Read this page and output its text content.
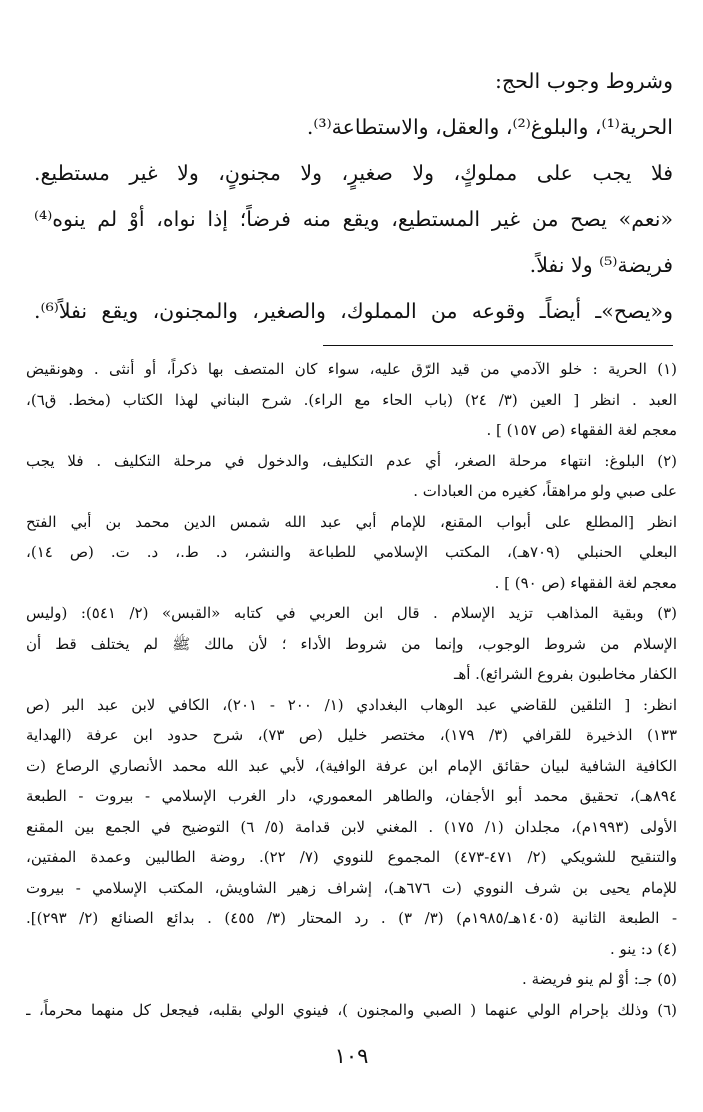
وشروط وجوب الحج:
الحرية⁽¹⁾، والبلوغ⁽²⁾، والعقل، والاستطاعة⁽³⁾.
فلا يجب على مملوكٍ، ولا صغيرٍ، ولا مجنونٍ، ولا غير مستطيع.
«نعم» يصح من غير المستطيع، ويقع منه فرضاً؛ إذا نواه، أوْ لم ينوه⁽⁴⁾
فريضة⁽⁵⁾ ولا نفلاً.
و«يصح»ـ أيضاًـ وقوعه من المملوك، والصغير، والمجنون، ويقع نفلاً⁽⁶⁾.
(١) الحرية : خلو الآدمي من قيد الرّق عليه، سواء كان المتصف بها ذكراً، أو أنثى . وهونقيض
العبد . انظر [ العين (٣/ ٢٤) (باب الحاء مع الراء). شرح البناني لهذا الكتاب (مخط. ق٦)،
معجم لغة الفقهاء (ص ١٥٧) ] .
(٢) البلوغ: انتهاء مرحلة الصغر، أي عدم التكليف، والدخول في مرحلة التكليف . فلا يجب
على صبي ولو مراهقاً، كغيره من العبادات .
انظر [المطلع على أبواب المقنع، للإمام أبي عبد الله شمس الدين محمد بن أبي الفتح
البعلي الحنبلي (٧٠٩هـ)، المكتب الإسلامي للطباعة والنشر، د. ط.، د. ت. (ص ١٤)،
معجم لغة الفقهاء (ص ٩٠) ] .
(٣) وبقية المذاهب تزيد الإسلام . قال ابن العربي في كتابه «القبس» (٢/ ٥٤١): (وليس
الإسلام من شروط الوجوب، وإنما من شروط الأداء ؛ لأن مالك ﷺ لم يختلف قط أن
الكفار مخاطبون بفروع الشرائع). أهـ
انظر: [ التلقين للقاضي عبد الوهاب البغدادي (١/ ٢٠٠ - ٢٠١)، الكافي لابن عبد البر (ص
١٣٣) الذخيرة للقرافي (٣/ ١٧٩)، مختصر خليل (ص ٧٣)، شرح حدود ابن عرفة (الهداية
الكافية الشافية لبيان حقائق الإمام ابن عرفة الوافية)، لأبي عبد الله محمد الأنصاري الرصاع (ت
٨٩٤هـ)، تحقيق محمد أبو الأجفان، والطاهر المعموري، دار الغرب الإسلامي - بيروت - الطبعة
الأولى (١٩٩٣م)، مجلدان (١/ ١٧٥) . المغني لابن قدامة (٥/ ٦) التوضيح في الجمع بين المقنع
والتنقيح للشويكي (٢/ ٤٧١-٤٧٣) المجموع للنووي (٧/ ٢٢). روضة الطالبين وعمدة المفتين،
للإمام يحيى بن شرف النووي (ت ٦٧٦هـ)، إشراف زهير الشاويش، المكتب الإسلامي - بيروت
- الطبعة الثانية (١٤٠٥هـ/١٩٨٥م) (٣/ ٣) . رد المحتار (٣/ ٤٥٥) . بدائع الصنائع (٢/ ٢٩٣)].
(٤) د: ينو .
(٥) جـ: أوْ لم ينو فريضة .
(٦) وذلك بإحرام الولي عنهما ( الصبي والمجنون )، فينوي الولي بقلبه، فيجعل كل منهما محرماً، ـ
١٠٩
